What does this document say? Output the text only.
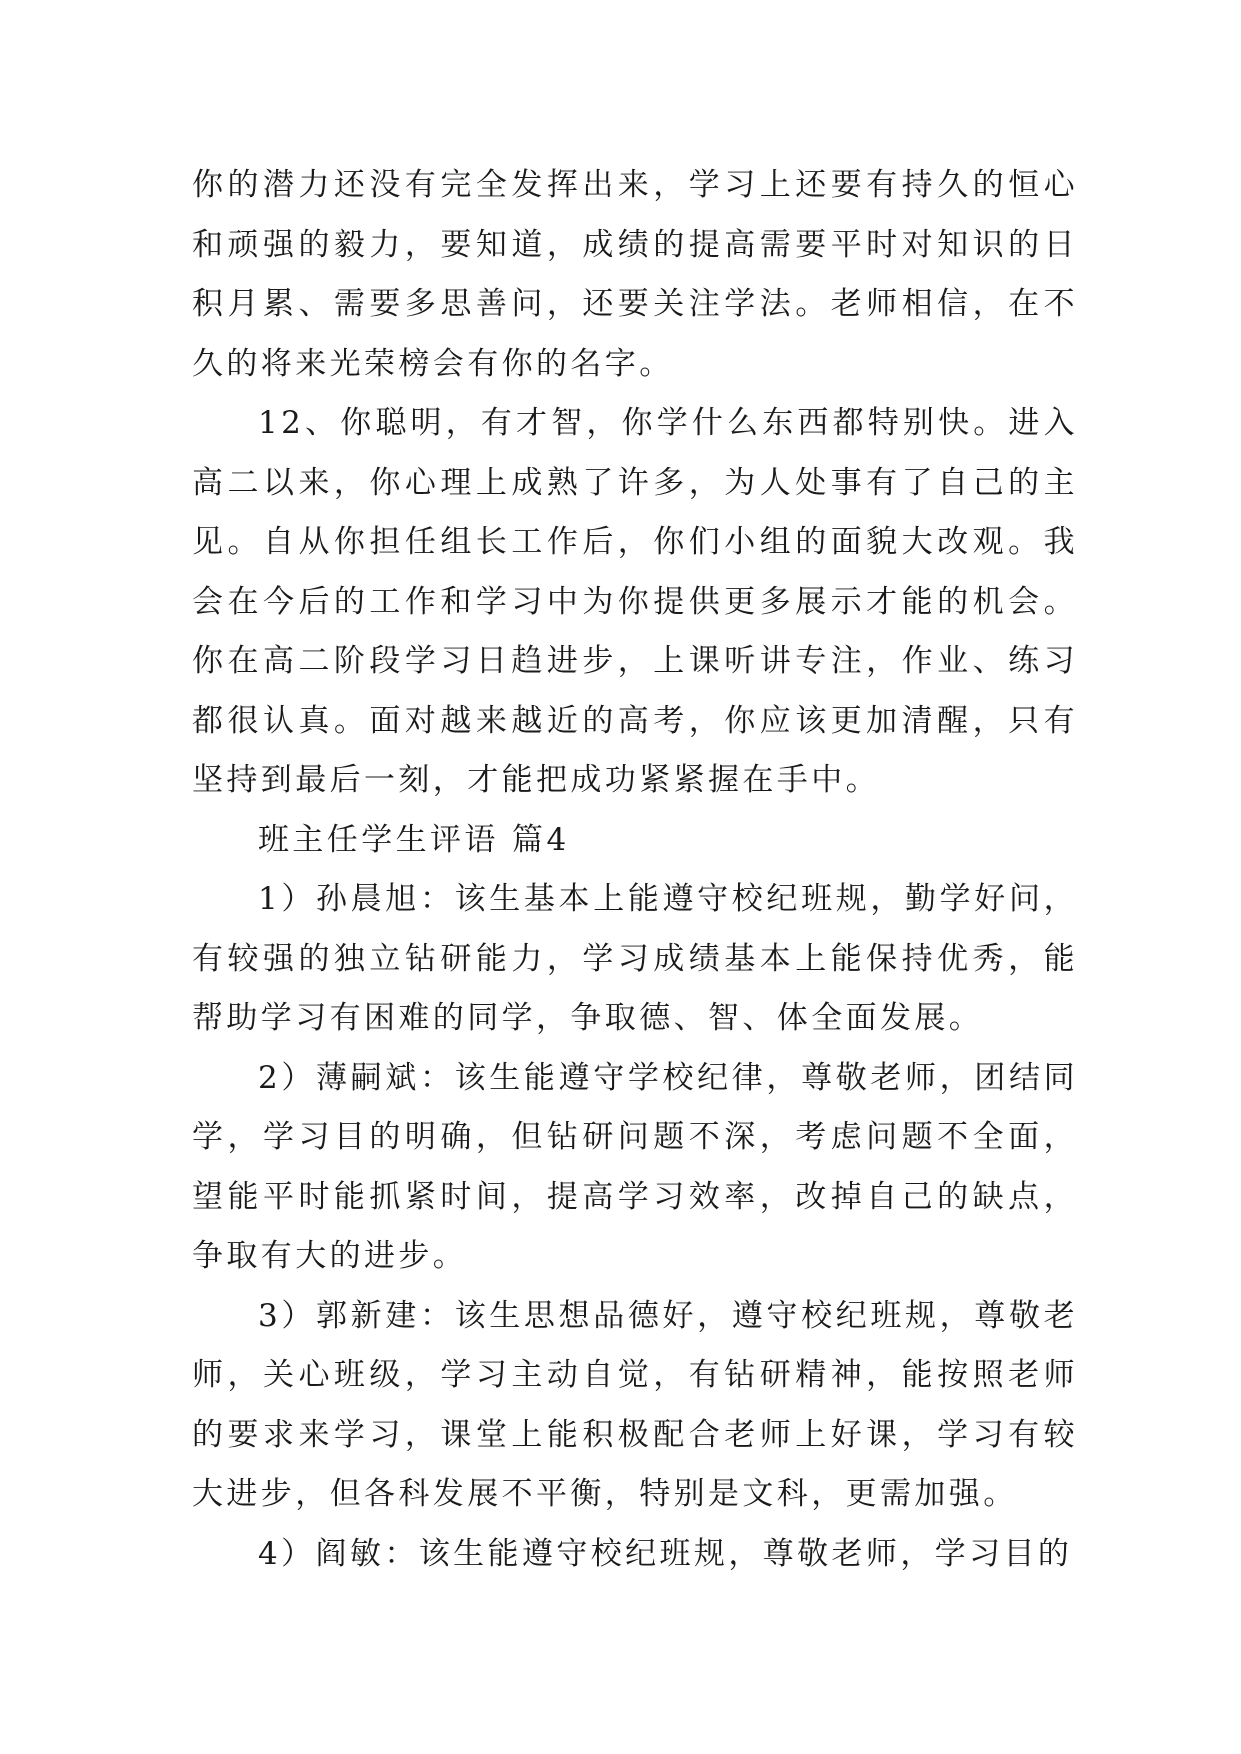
你的潜力还没有完全发挥出来，学习上还要有持久的恒心和顽强的毅力，要知道，成绩的提高需要平时对知识的日积月累、需要多思善问，还要关注学法。老师相信，在不久的将来光荣榜会有你的名字。

12、你聪明，有才智，你学什么东西都特别快。进入高二以来，你心理上成熟了许多，为人处事有了自己的主见。自从你担任组长工作后，你们小组的面貌大改观。我会在今后的工作和学习中为你提供更多展示才能的机会。你在高二阶段学习日趋进步，上课听讲专注，作业、练习都很认真。面对越来越近的高考，你应该更加清醒，只有坚持到最后一刻，才能把成功紧紧握在手中。

班主任学生评语 篇4

1）孙晨旭：该生基本上能遵守校纪班规，勤学好问，有较强的独立钻研能力，学习成绩基本上能保持优秀，能帮助学习有困难的同学，争取德、智、体全面发展。

2）薄嗣斌：该生能遵守学校纪律，尊敬老师，团结同学，学习目的明确，但钻研问题不深，考虑问题不全面，望能平时能抓紧时间，提高学习效率，改掉自己的缺点，争取有大的进步。

3）郭新建：该生思想品德好，遵守校纪班规，尊敬老师，关心班级，学习主动自觉，有钻研精神，能按照老师的要求来学习，课堂上能积极配合老师上好课，学习有较大进步，但各科发展不平衡，特别是文科，更需加强。

4）阎敏：该生能遵守校纪班规，尊敬老师，学习目的
